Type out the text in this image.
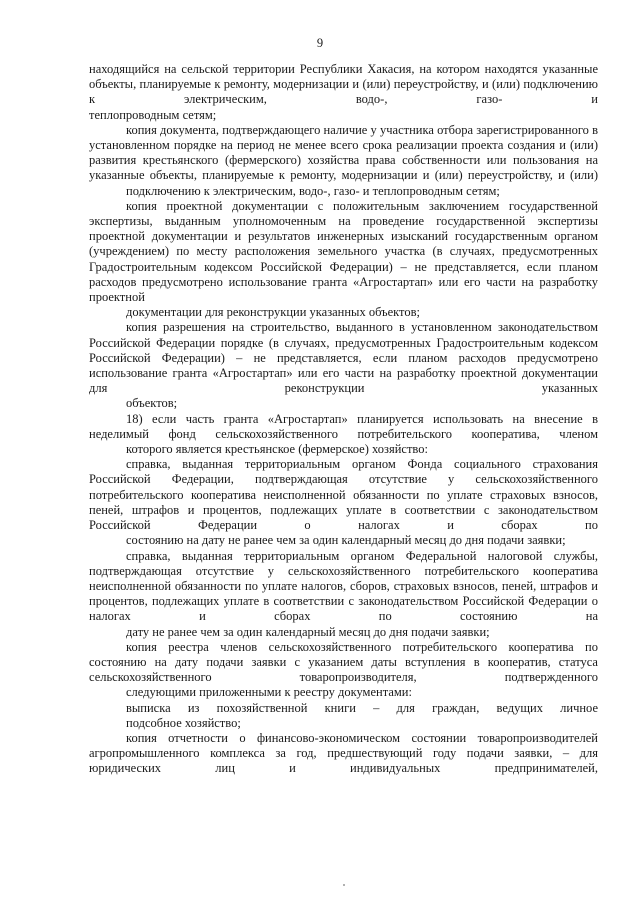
9

находящийся на сельской территории Республики Хакасия, на котором находятся указанные объекты, планируемые к ремонту, модернизации и (или) переустройству, и (или) подключению к электрическим, водо-, газо- и
теплопроводным сетям;

копия документа, подтверждающего наличие у участника отбора зарегистрированного в установленном порядке на период не менее всего срока реализации проекта создания и (или) развития крестьянского (фермерского) хозяйства права собственности или пользования на указанные объекты, планируемые к ремонту, модернизации и (или) переустройству, и (или)
подключению к электрическим, водо-, газо- и теплопроводным сетям;

копия проектной документации с положительным заключением государственной экспертизы, выданным уполномоченным на проведение государственной экспертизы проектной документации и результатов инженерных изысканий государственным органом (учреждением) по месту расположения земельного участка (в случаях, предусмотренных Градостроительным кодексом Российской Федерации) – не представляется, если планом расходов предусмотрено использование гранта «Агростартап» или его части на разработку проектной
документации для реконструкции указанных объектов;

копия разрешения на строительство, выданного в установленном законодательством Российской Федерации порядке (в случаях, предусмотренных Градостроительным кодексом Российской Федерации) – не представляется, если планом расходов предусмотрено использование гранта «Агростартап» или его части на разработку проектной документации для реконструкции указанных
объектов;

18) если часть гранта «Агростартап» планируется использовать на внесение в неделимый фонд сельскохозяйственного потребительского кооператива, членом
которого является крестьянское (фермерское) хозяйство:

справка, выданная территориальным органом Фонда социального страхования Российской Федерации, подтверждающая отсутствие у сельскохозяйственного потребительского кооператива неисполненной обязанности по уплате страховых взносов, пеней, штрафов и процентов, подлежащих уплате в соответствии с законодательством Российской Федерации о налогах и сборах по
состоянию на дату не ранее чем за один календарный месяц до дня подачи заявки;

справка, выданная территориальным органом Федеральной налоговой службы, подтверждающая отсутствие у сельскохозяйственного потребительского кооператива неисполненной обязанности по уплате налогов, сборов, страховых взносов, пеней, штрафов и процентов, подлежащих уплате в соответствии с законодательством Российской Федерации о налогах и сборах по состоянию на
дату не ранее чем за один календарный месяц до дня подачи заявки;

копия реестра членов сельскохозяйственного потребительского кооператива по состоянию на дату подачи заявки с указанием даты вступления в кооператив, статуса сельскохозяйственного товаропроизводителя, подтвержденного
следующими приложенными к реестру документами:

выписка из похозяйственной книги – для граждан, ведущих личное
подсобное хозяйство;

копия отчетности о финансово-экономическом состоянии товаропроизводителей агропромышленного комплекса за год, предшествующий году подачи заявки, – для юридических лиц и индивидуальных предпринимателей,
